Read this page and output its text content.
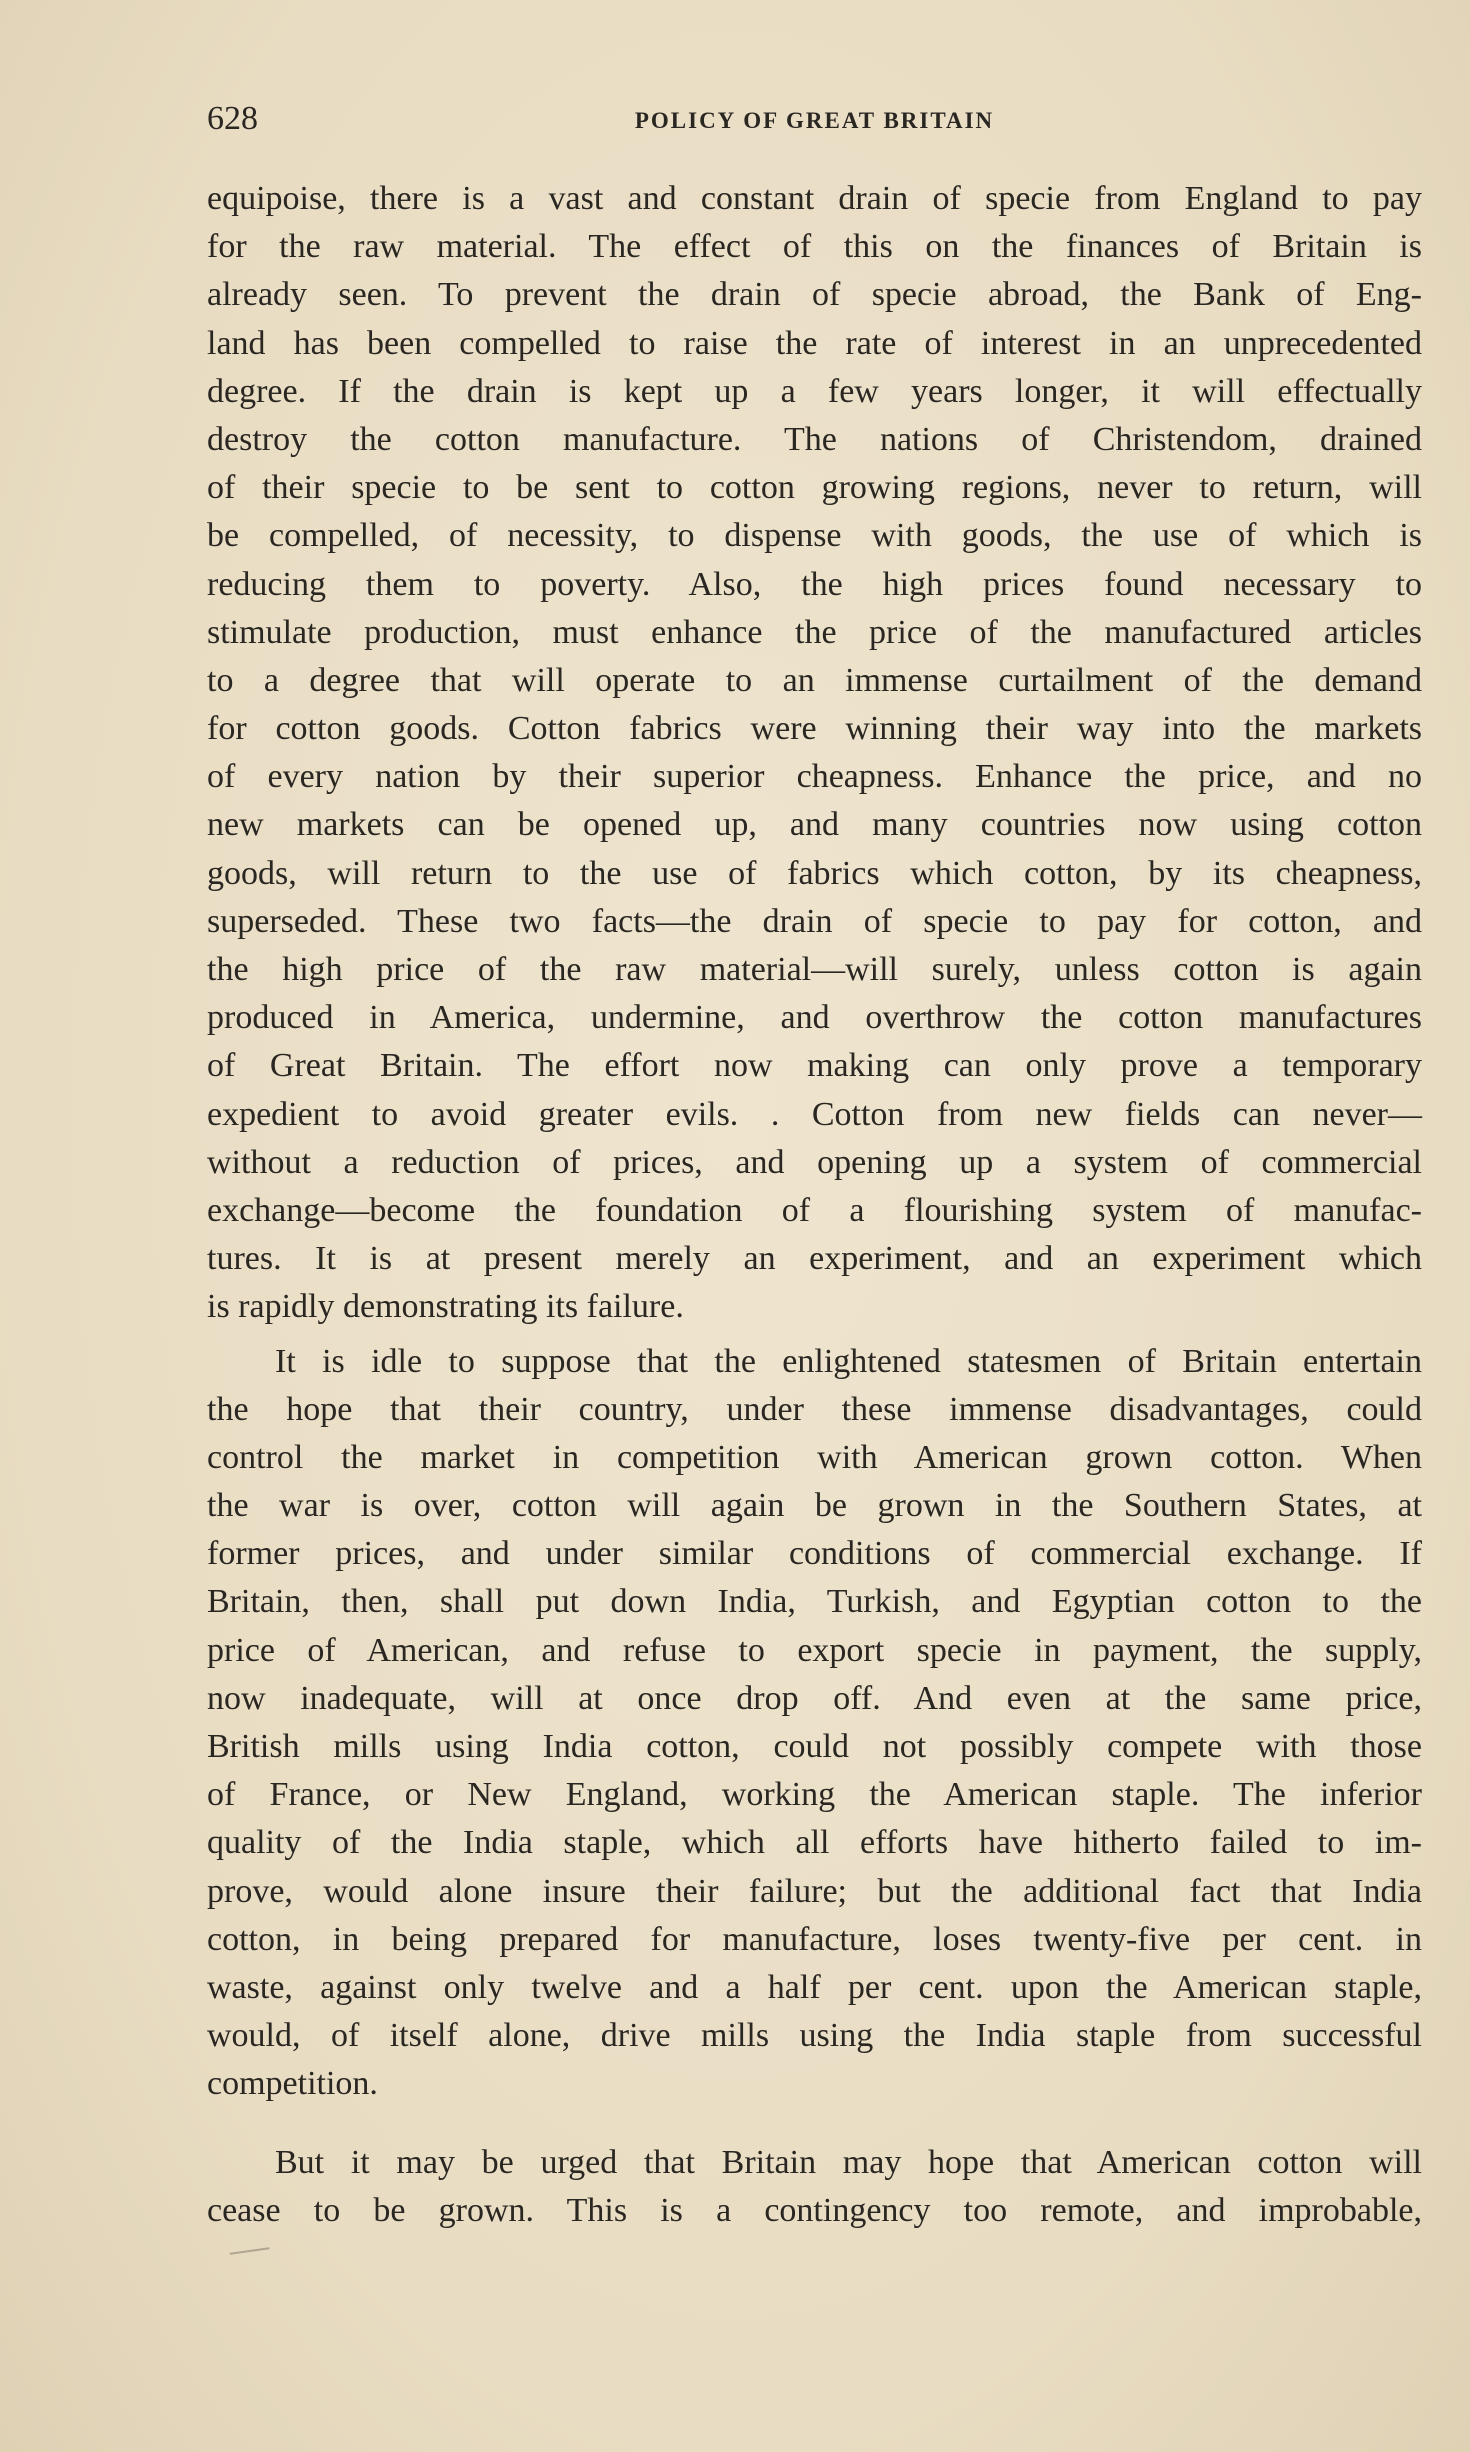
628	POLICY OF GREAT BRITAIN
equipoise, there is a vast and constant drain of specie from England to pay
for the raw material. The effect of this on the finances of Britain is
already seen. To prevent the drain of specie abroad, the Bank of Eng-
land has been compelled to raise the rate of interest in an unprecedented
degree. If the drain is kept up a few years longer, it will effectually
destroy the cotton manufacture. The nations of Christendom, drained
of their specie to be sent to cotton growing regions, never to return, will
be compelled, of necessity, to dispense with goods, the use of which is
reducing them to poverty. Also, the high prices found necessary to
stimulate production, must enhance the price of the manufactured articles
to a degree that will operate to an immense curtailment of the demand
for cotton goods. Cotton fabrics were winning their way into the markets
of every nation by their superior cheapness. Enhance the price, and no
new markets can be opened up, and many countries now using cotton
goods, will return to the use of fabrics which cotton, by its cheapness,
superseded. These two facts—the drain of specie to pay for cotton, and
the high price of the raw material—will surely, unless cotton is again
produced in America, undermine, and overthrow the cotton manufactures
of Great Britain. The effort now making can only prove a temporary
expedient to avoid greater evils. . Cotton from new fields can never—
without a reduction of prices, and opening up a system of commercial
exchange—become the foundation of a flourishing system of manufac-
tures. It is at present merely an experiment, and an experiment which
is rapidly demonstrating its failure.
It is idle to suppose that the enlightened statesmen of Britain entertain
the hope that their country, under these immense disadvantages, could
control the market in competition with American grown cotton. When
the war is over, cotton will again be grown in the Southern States, at
former prices, and under similar conditions of commercial exchange. If
Britain, then, shall put down India, Turkish, and Egyptian cotton to the
price of American, and refuse to export specie in payment, the supply,
now inadequate, will at once drop off. And even at the same price,
British mills using India cotton, could not possibly compete with those
of France, or New England, working the American staple. The inferior
quality of the India staple, which all efforts have hitherto failed to im-
prove, would alone insure their failure; but the additional fact that India
cotton, in being prepared for manufacture, loses twenty-five per cent. in
waste, against only twelve and a half per cent. upon the American staple,
would, of itself alone, drive mills using the India staple from successful
competition.
But it may be urged that Britain may hope that American cotton will
cease to be grown. This is a contingency too remote, and improbable,
